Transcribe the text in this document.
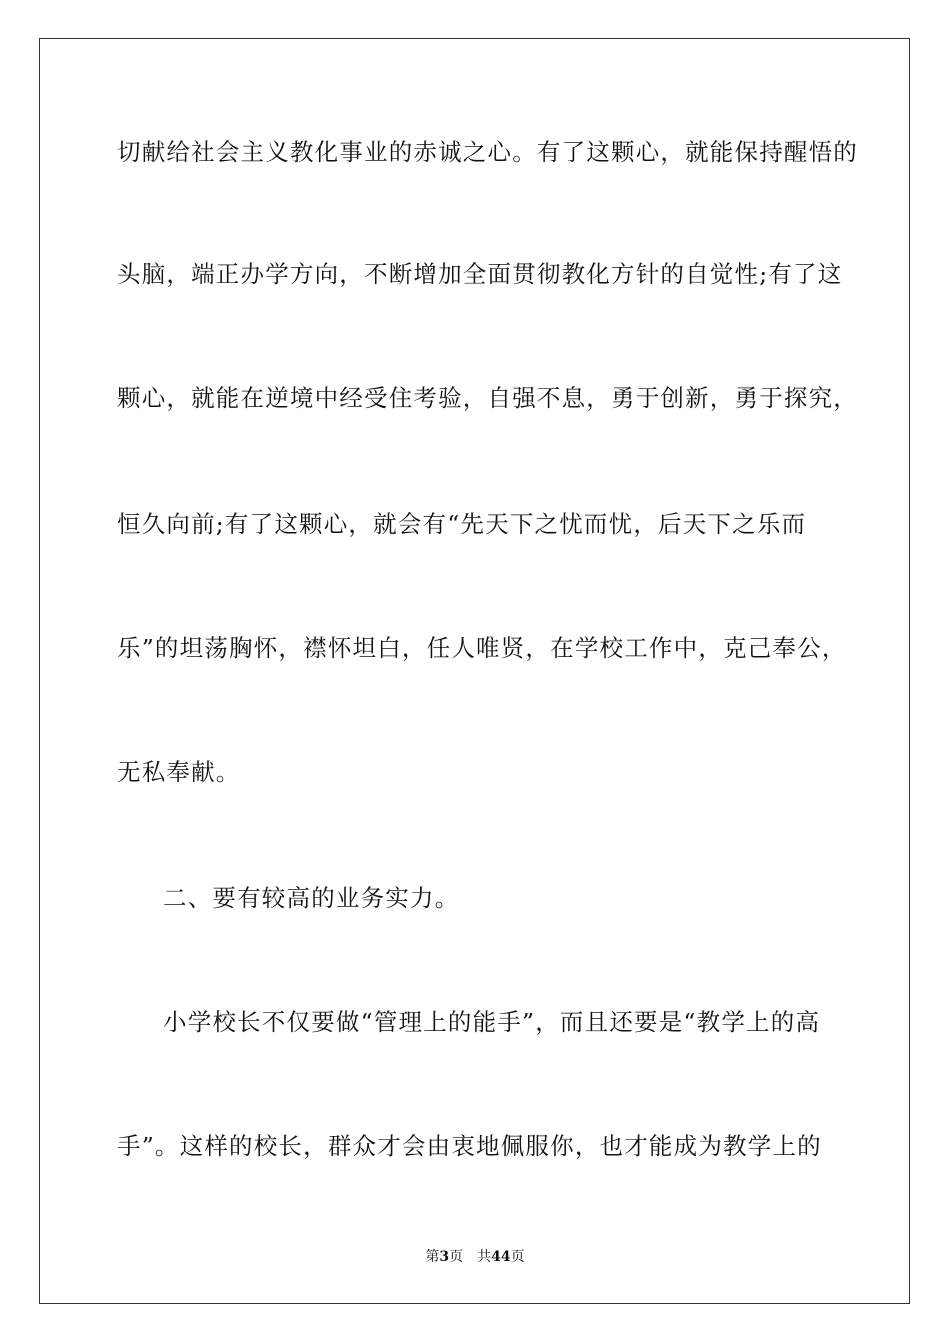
切献给社会主义教化事业的赤诚之心。有了这颗心，就能保持醒悟的
头脑，端正办学方向，不断增加全面贯彻教化方针的自觉性;有了这
颗心，就能在逆境中经受住考验，自强不息，勇于创新，勇于探究，
恒久向前;有了这颗心，就会有“先天下之忧而忧，后天下之乐而
乐”的坦荡胸怀，襟怀坦白，任人唯贤，在学校工作中，克己奉公，
无私奉献。
二、要有较高的业务实力。
小学校长不仅要做“管理上的能手”，而且还要是“教学上的高
手”。这样的校长，群众才会由衷地佩服你，也才能成为教学上的
第3页 共44页
